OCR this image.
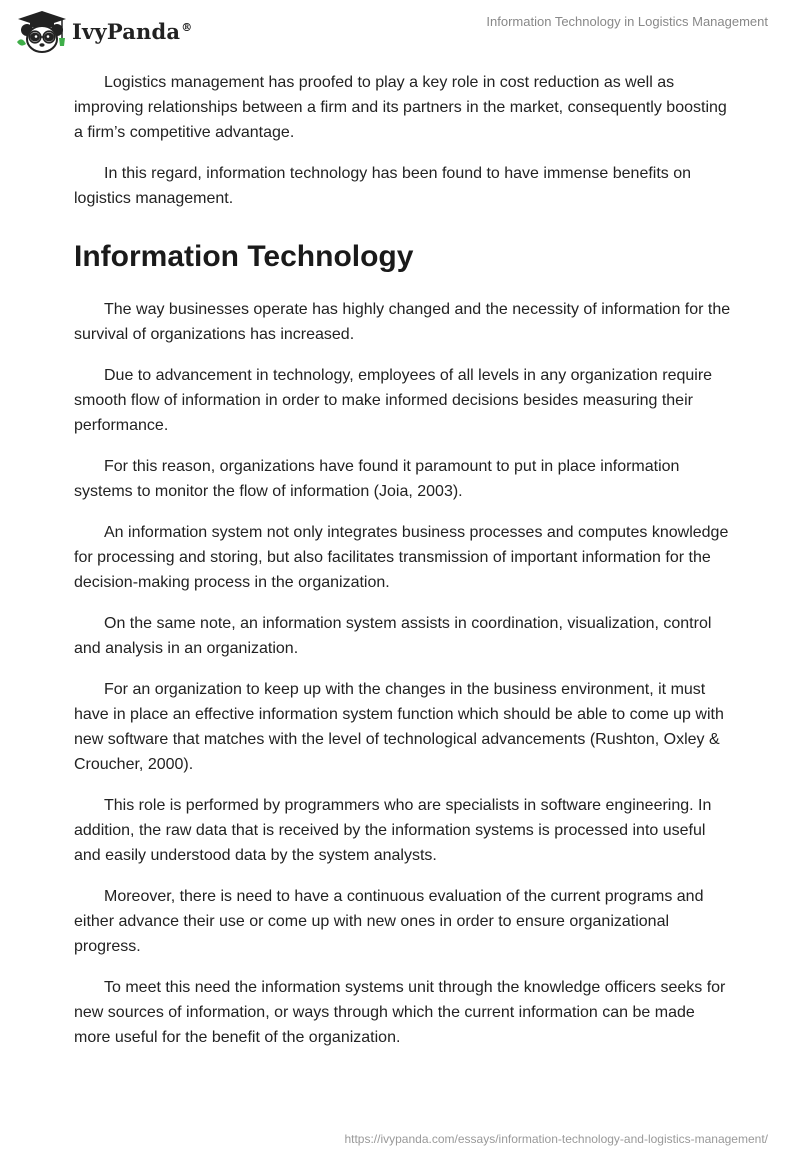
IvyPanda®	Information Technology in Logistics Management

Logistics management has proofed to play a key role in cost reduction as well as improving relationships between a firm and its partners in the market, consequently boosting a firm’s competitive advantage.

In this regard, information technology has been found to have immense benefits on logistics management.

Information Technology

The way businesses operate has highly changed and the necessity of information for the survival of organizations has increased.

Due to advancement in technology, employees of all levels in any organization require smooth flow of information in order to make informed decisions besides measuring their performance.

For this reason, organizations have found it paramount to put in place information systems to monitor the flow of information (Joia, 2003).

An information system not only integrates business processes and computes knowledge for processing and storing, but also facilitates transmission of important information for the decision-making process in the organization.

On the same note, an information system assists in coordination, visualization, control and analysis in an organization.

For an organization to keep up with the changes in the business environment, it must have in place an effective information system function which should be able to come up with new software that matches with the level of technological advancements (Rushton, Oxley & Croucher, 2000).

This role is performed by programmers who are specialists in software engineering. In addition, the raw data that is received by the information systems is processed into useful and easily understood data by the system analysts.

Moreover, there is need to have a continuous evaluation of the current programs and either advance their use or come up with new ones in order to ensure organizational progress.

To meet this need the information systems unit through the knowledge officers seeks for new sources of information, or ways through which the current information can be made more useful for the benefit of the organization.

https://ivypanda.com/essays/information-technology-and-logistics-management/
